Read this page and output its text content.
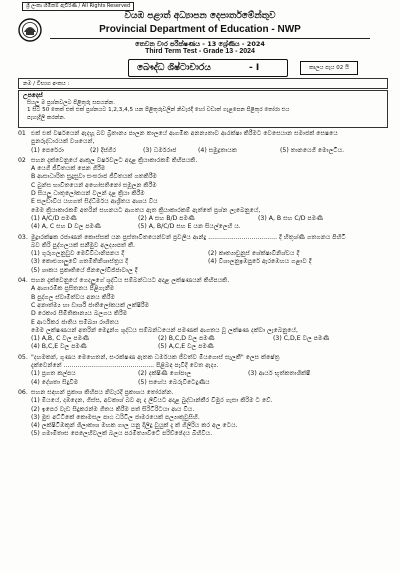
ශ්‍රී ලංකා හිමිකම් ඇවිරිණි / All Rights Reserved
වයඹ පළාත් අධ්‍යාපන දෙපාර්තමේන්තුව
Provincial Department of Education - NWP
තෙවන වාර පරීක්ෂණය - 13 ශ්‍රේණිය - 2024
Third Term Test - Grade 13 - 2024
බෞද්ධ ශිෂ්ටාචාරය	- I	කාලය පැය 02 යි
නම / විභාග අංකය :
උපදෙස්
සියලු ම ප්‍රශ්නවලට පිළිතුරු සපයන්න.
1 සිට 50 තෙක් එක් එක් ප්‍රශ්නයට 1,2,3,4,5 යන පිළිතුරුවලින් නිවැරදි හෝ වඩාත් ගැළපෙන පිළිතුර තෝරා එය
පැහැදිලි කරන්න.
01 එක් එක් වර්ෂයෙන් ඇදහූ බව බ්‍රිතාන්‍ය පාලන කාලයේ ආගමික අනන්‍යතාව ආරක්ෂා කිරීමට වෙසෙයාන සමාජක් සෙෂයෙ
පුනරුද්ධාරයක් වශයෙන්,
(1) පෙරේරා	(2) දිස්ගීර	(3) ධර්මරාජ	(4) සමුද්‍රතායක	(5) තානයෙගී මොලටිය.
02 සහන දැක්වෙනුයේ ආකුල වර්ෂවලට අදාළ ක්‍රියාකාරකම් කිහිපයකි.
A යෙගී ජීවිතයක් පෙන ගිරීම
B ආසාධාරිත සුදුසුවා සංඝරාජ ජීවිතයක් ගතකිරීම
C බුන්ස භාවිතයෙන් අහෝසතිනෝ සමූලන කිරීම
D සියලු ධාතුලෝකයන් වලන් දළ ක්‍රියා කිරීම
E සලඩාවිය යහගත් සිද්ධිර්මය ආශ්‍රිතය ආශය වීය
මෙම ක්‍රියාකාරකම් අතරින් සහනයට ආගතය ඇත ක්‍රියාකාරකම් ඇත්තේ ප්‍රශ්න ලැබෙනුයේ,
(1) A/C/D පමණි	(2) A සහ B/D පමණි	(3) A, B සහ C/D පමණි
(4) A, C සහ D වල පමණි	(5) A, B/C/D සහ E යන සියල්ලෙහි ය.
03. මුද්‍රාරක්ෂක රජාණන් කොස්සක් යන ප්‍රස්තාවිතයෙන්වන් ප්‍රවලීය ආන්දු ................................... දී හිතුශ්ණි ගතගනය පිහිටි
බව කිරි පුද්ගලයක් සනීමුව අලද්‍යාපත් කී.
(1) ගුරුගලනුඩුව මෙවිවිධානිපනය දී	(2) කෘත්‍යාචුනුස් ශේක්ෂාවිනිශ්චය දී
(3) කොළුගාලුවේ ගතමිතිනිශාස්ත්‍රය දී	(4) විශාලනුඉඹපුරේ ඇරඹෙහය ගළාව දී
(5) ශාකය ප්‍රකෘතියේ ජිනලෝවිජ්ජාවාල දී
04. සහන දැක්වෙනුයේ ගෙදලුගේ ශුද්ධිය සම්බන්ධයට අදාළ ලක්ෂණයන් කිහිපයකි.
A ආගාරමික ප්‍රසිතනය පිළිගැනීම
B පුද්ගල ස්වාමිත්වය අනය කිරීම
C අනාත්ම්‍ය හා ඩාර්ශි ජාතිලෝකයක් ලක්ෂිරීම
D රෙකාර සීමිතිකාන්‍යය බලගය කිරීම
E ආර්ථිකර ජාතිය සමීඛ්‍යා රාශිතය
මෙම ලක්ෂණයන් අතරින් මෙදුන්ග ශුද්ධය සම්බන්ධයෙන් පමණක් ආගතය වූ ලක්ෂණ දක්වා ලැබෙනුයේ,
(1) A,B, C වල පමණි	(2) B,C,D වල පමණි	(3) C,D,E වල පමණි
(4) B,C,E වල පමණි	(5) A,C,E වල පමණි
05. "දහමකන්, ගුණය මෙහෙතන්, සංරක්ෂණ ඇතක ධර්මයක ජීවත්ව මියගොස් සැලකී" ලෙස ක්ෂේත්‍ර
දැක්වෙන්නේ .............................................. පිළිබඳ පැවිදි වෙත ඇද්‍ය.
(1) ප්‍රගත කල්පය	(2) දක්ෂිණී ගෝපාල	(3) ආර්ය භූත්කතාශික්ෂී
(4) දේශතා සිදුවීම	(5) සහේය බෙරුවිටෙදුණිය
06. සහන සඳහන් ප්‍රකාශ කිහිපය නිවැරදි ප්‍රකාශය තෝරන්න.
(1) මියයේ, දඹදෙන, ගිස්ස, අවකාශ් බව ඇ ද ලීවියට අදාළ බුද්ධාන්කීර විමුර ගැසා කිරිම ට වේ.
(2) ඉපෙර වැඩ සිදුකරන්ම ගීතය කිරීම පත් සිරිටිරිටයා ආය විය.
(3) මුළු අට්ටිකේ කොමසල පාඨ ධරිටිල ජාමරයෙක් පල්‍යාකුවුසිහි.
(4) ලක්ෂිටිඹකුන් ශිලාකාශ මහක ගාල යනු දිලිදු වුයුක් දැ ක් ගිලිරිය කර අල ටෙය.
(5) ගමාමිතාස පෙලෙහිවලක් බලය පරමිත්‍යාවිටේ පරිච්ඡේදය බිහිවිය.
